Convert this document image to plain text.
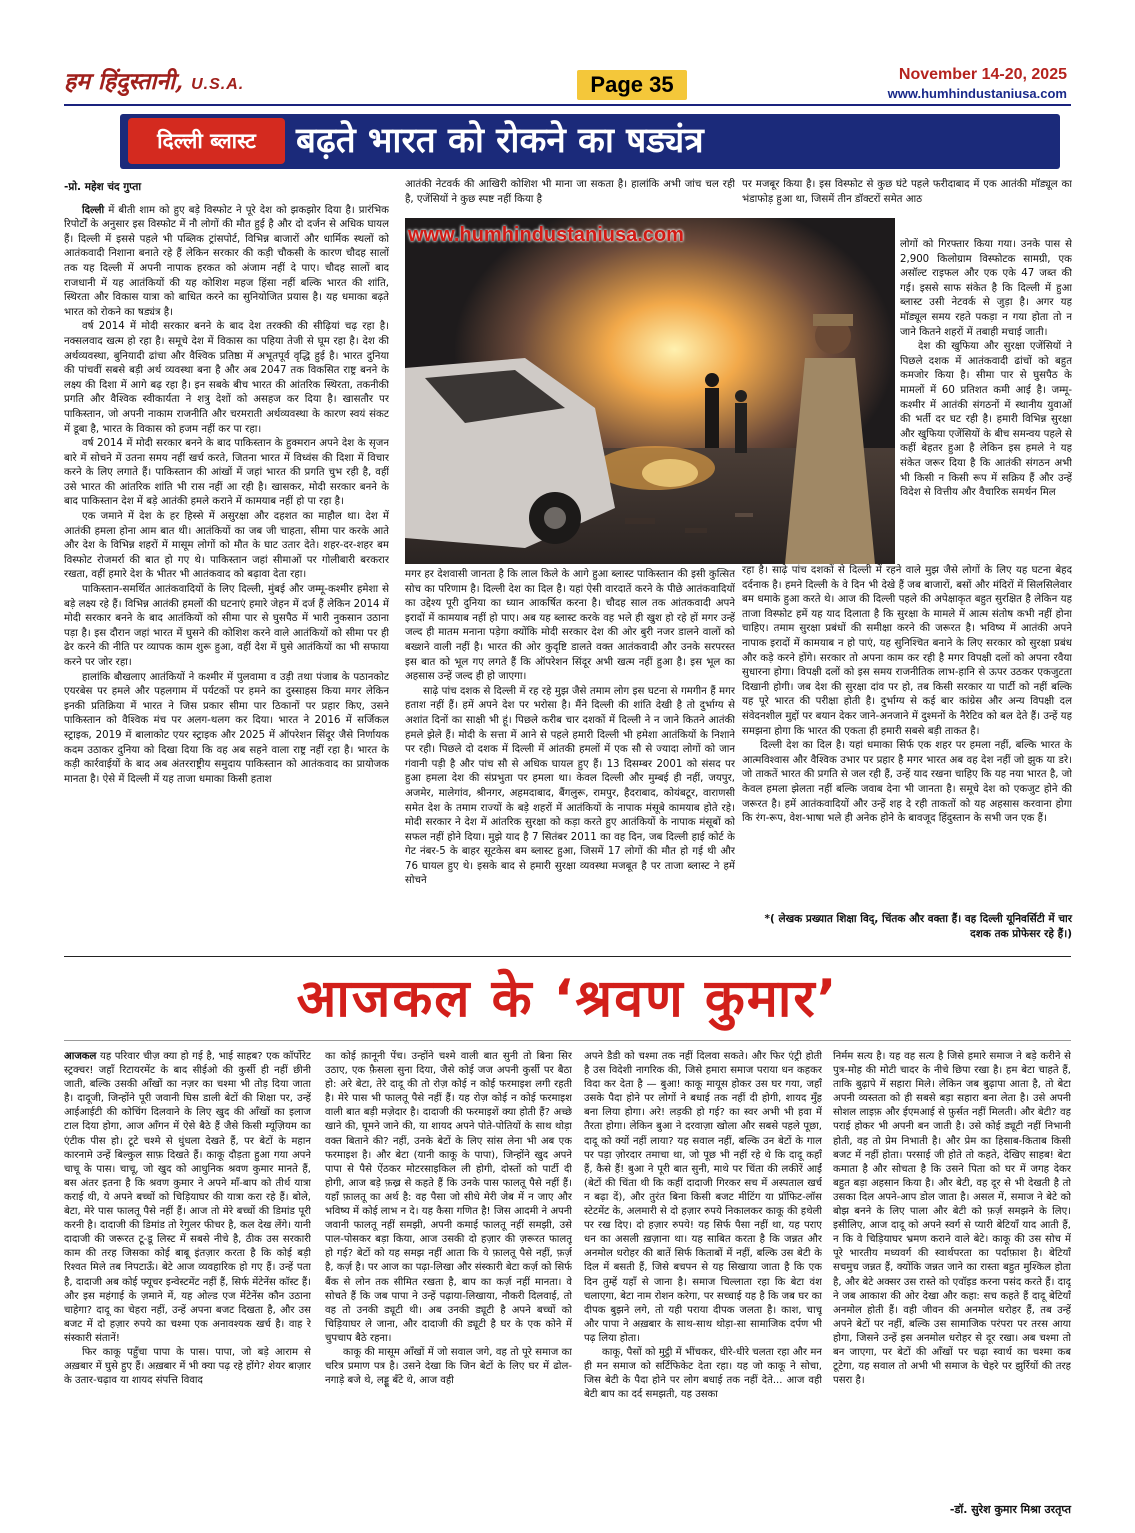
हम हिंदुस्तानी, U.S.A.	Page 35	November 14-20, 2025
www.humhindustaniusa.com
दिल्ली ब्लास्ट	बढ़ते भारत को रोकने का षड्यंत्र

-प्रो. महेश चंद गुप्ता

दिल्ली में बीती शाम को हुए बड़े विस्फोट ने पूरे देश को झकझोर दिया है। प्रारंभिक रिपोर्टों के अनुसार इस विस्फोट में नौ लोगों की मौत हुई है और दो दर्जन से अधिक घायल हैं। दिल्ली में इससे पहले भी पब्लिक ट्रांसपोर्ट, विभिन्न बाजारों और धार्मिक स्थलों को आतंकवादी निशाना बनाते रहे हैं लेकिन सरकार की कड़ी चौकसी के कारण चौदह सालों तक यह दिल्ली में अपनी नापाक हरकत को अंजाम नहीं दे पाए। चौदह सालों बाद राजधानी में यह आतंकियों की यह कोशिश महज हिंसा नहीं बल्कि भारत की शांति, स्थिरता और विकास यात्रा को बाधित करने का सुनियोजित प्रयास है। यह धमाका बढ़ते भारत को रोकने का षड्यंत्र है।

वर्ष 2014 में मोदी सरकार बनने के बाद देश तरक्की की सीढ़ियां चढ़ रहा है। नक्सलवाद खत्म हो रहा है। समूचे देश में विकास का पहिया तेजी से घूम रहा है। देश की अर्थव्यवस्था, बुनियादी ढांचा और वैश्विक प्रतिष्ठा में अभूतपूर्व वृद्धि हुई है। भारत दुनिया की पांचवीं सबसे बड़ी अर्थ व्यवस्था बना है और अब 2047 तक विकसित राष्ट्र बनने के लक्ष्य की दिशा में आगे बढ़ रहा है। इन सबके बीच भारत की आंतरिक स्थिरता, तकनीकी प्रगति और वैश्विक स्वीकार्यता ने शत्रु देशों को असहज कर दिया है। खासतौर पर पाकिस्तान, जो अपनी नाकाम राजनीति और चरमराती अर्थव्यवस्था के कारण स्वयं संकट में डूबा है, भारत के विकास को हजम नहीं कर पा रहा।

वर्ष 2014 में मोदी सरकार बनने के बाद पाकिस्तान के हुक्मरान अपने देश के सृजन बारे में सोचने में उतना समय नहीं खर्च करते, जितना भारत में विध्वंस की दिशा में विचार करने के लिए लगाते हैं। पाकिस्तान की आंखों में जहां भारत की प्रगति चुभ रही है, वहीं उसे भारत की आंतरिक शांति भी रास नहीं आ रही है। खासकर, मोदी सरकार बनने के बाद पाकिस्तान देश में बड़े आतंकी हमले कराने में कामयाब नहीं हो पा रहा है।

एक जमाने में देश के हर हिस्से में असुरक्षा और दहशत का माहौल था। देश में आतंकी हमला होना आम बात थी। आतंकियों का जब जी चाहता, सीमा पार करके आते और देश के विभिन्न शहरों में मासूम लोगों को मौत के घाट उतार देते। शहर-दर-शहर बम विस्फोट रोजमर्रा की बात हो गए थे। पाकिस्तान जहां सीमाओं पर गोलीबारी बरकरार रखता, वहीं हमारे देश के भीतर भी आतंकवाद को बढ़ावा देता रहा।

पाकिस्तान-समर्थित आतंकवादियों के लिए दिल्ली, मुंबई और जम्मू-कश्मीर हमेशा से बड़े लक्ष्य रहे हैं। विभिन्न आतंकी हमलों की घटनाएं हमारे जेहन में दर्ज हैं लेकिन 2014 में मोदी सरकार बनने के बाद आतंकियों को सीमा पार से घुसपैठ में भारी नुकसान उठाना पड़ा है। इस दौरान जहां भारत में घुसने की कोशिश करने वाले आतंकियों को सीमा पर ही ढेर करने की नीति पर व्यापक काम शुरू हुआ, वहीं देश में घुसे आतंकियों का भी सफाया करने पर जोर रहा।

हालांकि बौखलाए आतंकियों ने कश्मीर में पुलवामा व उड़ी तथा पंजाब के पठानकोट एयरबेस पर हमले और पहलगाम में पर्यटकों पर हमने का दुस्साहस किया मगर लेकिन इनकी प्रतिक्रिया में भारत ने जिस प्रकार सीमा पार ठिकानों पर प्रहार किए, उसने पाकिस्तान को वैश्विक मंच पर अलग-थलग कर दिया। भारत ने 2016 में सर्जिकल स्ट्राइक, 2019 में बालाकोट एयर स्ट्राइक और 2025 में ऑपरेशन सिंदूर जैसे निर्णायक कदम उठाकर दुनिया को दिखा दिया कि वह अब सहने वाला राष्ट्र नहीं रहा है। भारत के कड़ी कार्रवाईयों के बाद अब अंतरराष्ट्रीय समुदाय पाकिस्तान को आतंकवाद का प्रायोजक मानता है। ऐसे में दिल्ली में यह ताजा धमाका किसी हताश

आतंकी नेटवर्क की आखिरी कोशिश भी माना जा सकता है। हालांकि अभी जांच चल रही है, एजेंसियों ने कुछ स्पष्ट नहीं किया है

पर मजबूर किया है। इस विस्फोट से कुछ घंटे पहले फरीदाबाद में एक आतंकी मॉड्यूल का भंडाफोड़ हुआ था, जिसमें तीन डॉक्टरों समेत आठ

लोगों को गिरफ्तार किया गया। उनके पास से 2,900 किलोग्राम विस्फोटक सामग्री, एक असॉल्ट राइफल और एक एके 47 जब्त की गई। इससे साफ संकेत है कि दिल्ली में हुआ ब्लास्ट उसी नेटवर्क से जुड़ा है। अगर यह मॉड्यूल समय रहते पकड़ा न गया होता तो न जाने कितने शहरों में तबाही मचाई जाती।

देश की खुफिया और सुरक्षा एजेंसियों ने पिछले दशक में आतंकवादी ढांचों को बहुत कमजोर किया है। सीमा पार से घुसपैठ के मामलों में 60 प्रतिशत कमी आई है। जम्मू-कश्मीर में आतंकी संगठनों में स्थानीय युवाओं की भर्ती दर घट रही है। हमारी विभिन्न सुरक्षा और खुफिया एजेंसियों के बीच समन्वय पहले से कहीं बेहतर हुआ है लेकिन इस हमले ने यह संकेत जरूर दिया है कि आतंकी संगठन अभी भी किसी न किसी रूप में सक्रिय हैं और उन्हें विदेश से वित्तीय और वैचारिक समर्थन मिल

www.humhindustaniusa.com

मगर हर देशवासी जानता है कि लाल किले के आगे हुआ ब्लास्ट पाकिस्तान की इसी कुत्सित सोच का परिणाम है। दिल्ली देश का दिल है। यहां ऐसी वारदातें करने के पीछे आतंकवादियों का उद्देश्य पूरी दुनिया का ध्यान आकर्षित करना है। चौदह साल तक आंतकवादी अपने इरादों में कामयाब नहीं हो पाए। अब यह ब्लास्ट करके वह भले ही खुश हो रहे हों मगर उन्हें जल्द ही मातम मनाना पड़ेगा क्योंकि मोदी सरकार देश की ओर बुरी नजर डालने वालों को बख्शने वाली नहीं है। भारत की ओर कुदृष्टि डालते वक्त आतंकवादी और उनके सरपरस्त इस बात को भूल गए लगते हैं कि ऑपरेशन सिंदूर अभी खत्म नहीं हुआ है। इस भूल का अहसास उन्हें जल्द ही हो जाएगा।

साढ़े पांच दशक से दिल्ली में रह रहे मुझ जैसे तमाम लोग इस घटना से गमगीन हैं मगर हताश नहीं हैं। हमें अपने देश पर भरोसा है। मैंने दिल्ली की शांति देखी है तो दुर्भाग्य से अशांत दिनों का साक्षी भी हूं। पिछले करीब चार दशकों में दिल्ली ने न जाने कितने आतंकी हमले झेले हैं। मोदी के सत्ता में आने से पहले हमारी दिल्ली भी हमेशा आतंकियों के निशाने पर रही। पिछले दो दशक में दिल्ली में आंतकी हमलों में एक सौ से ज्यादा लोगों को जान गंवानी पड़ी है और पांच सौ से अधिक घायल हुए हैं। 13 दिसम्बर 2001 को संसद पर हुआ हमला देश की संप्रभुता पर हमला था। केवल दिल्ली और मुम्बई ही नहीं, जयपुर, अजमेर, मालेगांव, श्रीनगर, अहमदाबाद, बैंगलुरू, रामपुर, हैदराबाद, कोयंबटूर, वाराणसी समेत देश के तमाम राज्यों के बड़े शहरों में आतंकियों के नापाक मंसूबे कामयाब होते रहे। मोदी सरकार ने देश में आंतरिक सुरक्षा को कड़ा करते हुए आतंकियों के नापाक मंसूबों को सफल नहीं होने दिया। मुझे याद है 7 सितंबर 2011 का वह दिन, जब दिल्ली हाई कोर्ट के गेट नंबर-5 के बाहर सूटकेस बम ब्लास्ट हुआ, जिसमें 17 लोगों की मौत हो गई थी और 76 घायल हुए थे। इसके बाद से हमारी सुरक्षा व्यवस्था मजबूत है पर ताजा ब्लास्ट ने हमें सोचने

रहा है। साढ़े पांच दशकों से दिल्ली में रहने वाले मुझ जैसे लोगों के लिए यह घटना बेहद दर्दनाक है। हमने दिल्ली के वे दिन भी देखे हैं जब बाजारों, बसों और मंदिरों में सिलसिलेवार बम धमाके हुआ करते थे। आज की दिल्ली पहले की अपेक्षाकृत बहुत सुरक्षित है लेकिन यह ताजा विस्फोट हमें यह याद दिलाता है कि सुरक्षा के मामले में आत्म संतोष कभी नहीं होना चाहिए। तमाम सुरक्षा प्रबंधों की समीक्षा करने की जरूरत है। भविष्य में आतंकी अपने नापाक इरादों में कामयाब न हो पाएं, यह सुनिश्चित बनाने के लिए सरकार को सुरक्षा प्रबंध और कड़े करने होंगे। सरकार तो अपना काम कर रही है मगर विपक्षी दलों को अपना रवैया सुधारना होगा। विपक्षी दलों को इस समय राजनीतिक लाभ-हानि से ऊपर उठकर एकजुटता दिखानी होगी। जब देश की सुरक्षा दांव पर हो, तब किसी सरकार या पार्टी को नहीं बल्कि यह पूरे भारत की परीक्षा होती है। दुर्भाग्य से कई बार कांग्रेस और अन्य विपक्षी दल संवेदनशील मुद्दों पर बयान देकर जाने-अनजाने में दुश्मनों के नैरेटिव को बल देते हैं। उन्हें यह समझना होगा कि भारत की एकता ही हमारी सबसे बड़ी ताकत है।

दिल्ली देश का दिल है। यहां धमाका सिर्फ एक शहर पर हमला नहीं, बल्कि भारत के आत्मविश्वास और वैश्विक उभार पर प्रहार है मगर भारत अब वह देश नहीं जो झुक या डरे। जो ताकतें भारत की प्रगति से जल रही हैं, उन्हें याद रखना चाहिए कि यह नया भारत है, जो केवल हमला झेलता नहीं बल्कि जवाब देना भी जानता है। समूचे देश को एकजुट होने की जरूरत है। हमें आतंकवादियों और उन्हें शह दे रही ताकतों को यह अहसास करवाना होगा कि रंग-रूप, वेश-भाषा भले ही अनेक होने के बावजूद हिंदुस्तान के सभी जन एक हैं।

*( लेखक प्रख्यात शिक्षा विद्, चिंतक और वक्ता हैं। वह दिल्ली यूनिवर्सिटी में चार दशक तक प्रोफेसर रहे हैं।)
आजकल के ‘श्रवण कुमार’

आजकल यह परिवार चीज़ क्या हो गई है, भाई साहब? एक कॉर्पोरेट स्ट्रक्चर! जहाँ रिटायरमेंट के बाद सीईओ की कुर्सी ही नहीं छीनी जाती, बल्कि उसकी आँखों का नज़र का चश्मा भी तोड़ दिया जाता है। दादूजी, जिन्होंने पूरी जवानी घिस डाली बेटों की शिक्षा पर, उन्हें आईआईटी की कोचिंग दिलवाने के लिए खुद की आँखों का इलाज टाल दिया होगा, आज आँगन में ऐसे बैठे हैं जैसे किसी म्यूज़ियम का एंटीक पीस हो। टूटे चश्मे से धुंधला देखते हैं, पर बेटों के महान कारनामे उन्हें बिल्कुल साफ़ दिखते हैं। काकू दौड़ता हुआ गया अपने चाचू के पास। चाचू, जो खुद को आधुनिक श्रवण कुमार मानते हैं, बस अंतर इतना है कि श्रवण कुमार ने अपने माँ-बाप को तीर्थ यात्रा कराई थी, ये अपने बच्चों को चिड़ियाघर की यात्रा करा रहे हैं। बोले, बेटा, मेरे पास फालतू पैसे नहीं हैं। आज तो मेरे बच्चों की डिमांड पूरी करनी है। दादाजी की डिमांड तो रेगुलर फीचर है, कल देख लेंगे। यानी दादाजी की जरूरत टू-डू लिस्ट में सबसे नीचे है, ठीक उस सरकारी काम की तरह जिसका कोई बाबू इंतज़ार करता है कि कोई बड़ी रिश्वत मिले तब निपटाऊँ। बेटे आज व्यवहारिक हो गए हैं। उन्हें पता है, दादाजी अब कोई फ्यूचर इन्वेस्टमेंट नहीं हैं, सिर्फ मेंटेनेंस कॉस्ट हैं। और इस महंगाई के ज़माने में, यह ओल्ड एज मेंटेनेंस कौन उठाना चाहेगा? दादू का चेहरा नहीं, उन्हें अपना बजट दिखता है, और उस बजट में दो हज़ार रुपये का चश्मा एक अनावश्यक खर्च है। वाह रे संस्कारी संतानें!

फिर काकू पहुँचा पापा के पास। पापा, जो बड़े आराम से अख़बार में घुसे हुए हैं। अख़बार में भी क्या पढ़ रहे होंगे? शेयर बाज़ार के उतार-चढ़ाव या शायद संपत्ति विवाद

का कोई क़ानूनी पेंच। उन्होंने चश्मे वाली बात सुनी तो बिना सिर उठाए, एक फ़ैसला सुना दिया, जैसे कोई जज अपनी कुर्सी पर बैठा हो: अरे बेटा, तेरे दादू की तो रोज़ कोई न कोई फरमाइश लगी रहती है। मेरे पास भी फालतू पैसे नहीं हैं। यह रोज़ कोई न कोई फरमाइश वाली बात बड़ी मज़ेदार है। दादाजी की फरमाइशें क्या होती हैं? अच्छे खाने की, घूमने जाने की, या शायद अपने पोते-पोतियों के साथ थोड़ा वक्त बिताने की? नहीं, उनके बेटों के लिए सांस लेना भी अब एक फरमाइश है। और बेटा (यानी काकू के पापा), जिन्होंने खुद अपने पापा से पैसे ऐंठकर मोटरसाइकिल ली होगी, दोस्तों को पार्टी दी होगी, आज बड़े फ़ख्र से कहते हैं कि उनके पास फालतू पैसे नहीं हैं। यहाँ फ़ालतू का अर्थ है: वह पैसा जो सीधे मेरी जेब में न जाए और भविष्य में कोई लाभ न दे। यह कैसा गणित है! जिस आदमी ने अपनी जवानी फालतू नहीं समझी, अपनी कमाई फालतू नहीं समझी, उसे पाल-पोसकर बड़ा किया, आज उसकी दो हज़ार की ज़रूरत फालतू हो गई? बेटों को यह समझ नहीं आता कि ये फ़ालतू पैसे नहीं, फ़र्ज़ है, कर्ज़ है। पर आज का पढ़ा-लिखा और संस्कारी बेटा कर्ज़ को सिर्फ बैंक से लोन तक सीमित रखता है, बाप का कर्ज़ नहीं मानता। वे सोचते हैं कि जब पापा ने उन्हें पढ़ाया-लिखाया, नौकरी दिलवाई, तो वह तो उनकी ड्यूटी थी। अब उनकी ड्यूटी है अपने बच्चों को चिड़ियाघर ले जाना, और दादाजी की ड्यूटी है घर के एक कोने में चुपचाप बैठे रहना।

काकू की मासूम आँखों में जो सवाल जगे, वह तो पूरे समाज का चरित्र प्रमाण पत्र है। उसने देखा कि जिन बेटों के लिए घर में ढोल-नगाड़े बजे थे, लड्डू बँटे थे, आज वही

अपने डैडी को चश्मा तक नहीं दिलवा सकते। और फिर एंट्री होती है उस विदेशी नागरिक की, जिसे हमारा समाज पराया धन कहकर विदा कर देता है — बुआ! काकू मायूस होकर उस घर गया, जहाँ उसके पैदा होने पर लोगों ने बधाई तक नहीं दी होगी, शायद मुँह बना लिया होगा। अरे! लड़की हो गई? का स्वर अभी भी हवा में तैरता होगा। लेकिन बुआ ने दरवाज़ा खोला और सबसे पहले पूछा, दादू को क्यों नहीं लाया? यह सवाल नहीं, बल्कि उन बेटों के गाल पर पड़ा ज़ोरदार तमाचा था, जो पूछ भी नहीं रहे थे कि दादू कहाँ हैं, कैसे हैं! बुआ ने पूरी बात सुनी, माथे पर चिंता की लकीरें आईं (बेटों की चिंता थी कि कहीं दादाजी गिरकर सच में अस्पताल खर्च न बढ़ा दें), और तुरंत बिना किसी बजट मीटिंग या प्रॉफिट-लॉस स्टेटमेंट के, अलमारी से दो हज़ार रुपये निकालकर काकू की हथेली पर रख दिए। दो हज़ार रुपये! यह सिर्फ पैसा नहीं था, यह पराए धन का असली ख़ज़ाना था। यह साबित करता है कि जन्नत और अनमोल धरोहर की बातें सिर्फ किताबों में नहीं, बल्कि उस बेटी के दिल में बसती हैं, जिसे बचपन से यह सिखाया जाता है कि एक दिन तुम्हें यहाँ से जाना है। समाज चिल्लाता रहा कि बेटा वंश चलाएगा, बेटा नाम रोशन करेगा, पर सच्चाई यह है कि जब घर का दीपक बुझने लगे, तो यही पराया दीपक जलता है। काश, चाचू और पापा ने अख़बार के साथ-साथ थोड़ा-सा सामाजिक दर्पण भी पढ़ लिया होता।

काकू, पैसों को मुट्ठी में भींचकर, धीरे-धीरे चलता रहा और मन ही मन समाज को सर्टिफिकेट देता रहा। यह जो काकू ने सोचा, जिस बेटी के पैदा होने पर लोग बधाई तक नहीं देते... आज वही बेटी बाप का दर्द समझती, यह उसका

निर्मम सत्य है। यह वह सत्य है जिसे हमारे समाज ने बड़े करीने से पुत्र-मोह की मोटी चादर के नीचे छिपा रखा है। हम बेटा चाहते हैं, ताकि बुढ़ापे में सहारा मिले। लेकिन जब बुढ़ापा आता है, तो बेटा अपनी व्यस्तता को ही सबसे बड़ा सहारा बना लेता है। उसे अपनी सोशल लाइफ़ और ईएमआई से फ़ुर्सत नहीं मिलती। और बेटी? वह पराई होकर भी अपनी बन जाती है। उसे कोई ड्यूटी नहीं निभानी होती, वह तो प्रेम निभाती है। और प्रेम का हिसाब-किताब किसी बजट में नहीं होता। परसाई जी होते तो कहते, देखिए साहब! बेटा कमाता है और सोचता है कि उसने पिता को घर में जगह देकर बहुत बड़ा अहसान किया है। और बेटी, वह दूर से भी देखती है तो उसका दिल अपने-आप डोल जाता है। असल में, समाज ने बेटे को बोझ बनने के लिए पाला और बेटी को फ़र्ज़ समझने के लिए। इसीलिए, आज दादू को अपने स्वर्ग से प्यारी बेटियाँ याद आती हैं, न कि वे चिड़ियाघर भ्रमण कराने वाले बेटे। काकू की उस सोच में पूरे भारतीय मध्यवर्ग की स्वार्थपरता का पर्दाफ़ाश है। बेटियाँ सचमुच जन्नत हैं, क्योंकि जन्नत जाने का रास्ता बहुत मुश्किल होता है, और बेटे अक्सर उस रास्ते को एवॉइड करना पसंद करते हैं। दादू ने जब आकाश की ओर देखा और कहा: सच कहते हैं दादू बेटियाँ अनमोल होती हैं। वही जीवन की अनमोल धरोहर हैं, तब उन्हें अपने बेटों पर नहीं, बल्कि उस सामाजिक परंपरा पर तरस आया होगा, जिसने उन्हें इस अनमोल धरोहर से दूर रखा। अब चश्मा तो बन जाएगा, पर बेटों की आँखों पर चढ़ा स्वार्थ का चश्मा कब टूटेगा, यह सवाल तो अभी भी समाज के चेहरे पर झुर्रियों की तरह पसरा है।

-डॉ. सुरेश कुमार मिश्रा उरतृप्त
